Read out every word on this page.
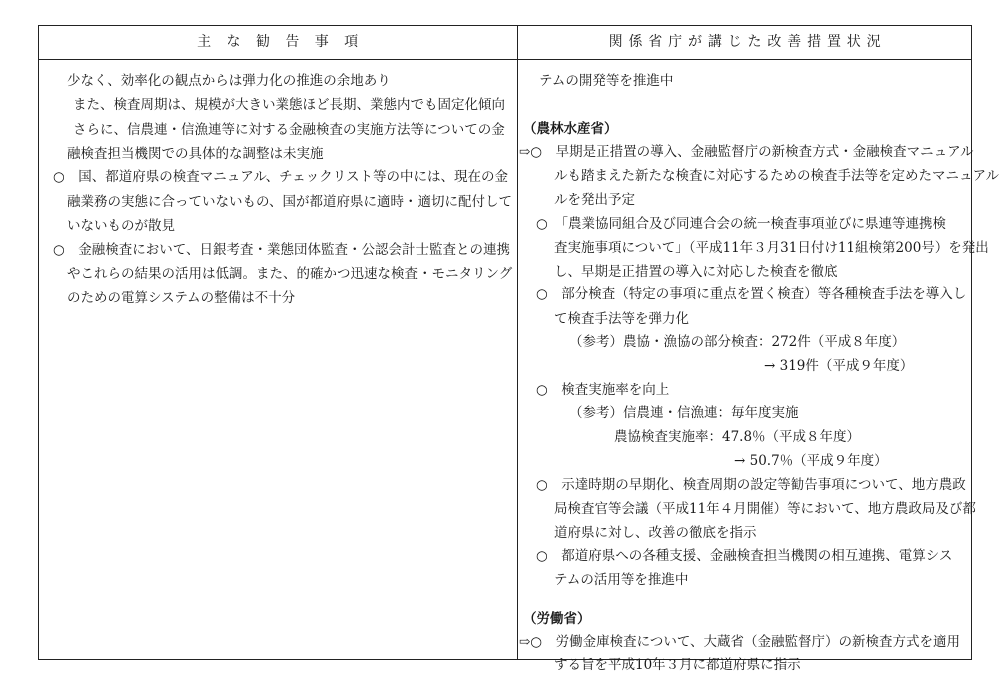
主　な　勧　告　事　項	関 係 省 庁 が 講 じ た 改 善 措 置 状 況
少なく、効率化の観点からは弾力化の推進の余地あり
また、検査周期は、規模が大きい業態ほど長期、業態内でも固定化傾向
さらに、信農連・信漁連等に対する金融検査の実施方法等についての金
融検査担当機関での具体的な調整は未実施
○　国、都道府県の検査マニュアル、チェックリスト等の中には、現在の金
融業務の実態に合っていないもの、国が都道府県に適時・適切に配付して
いないものが散見
○　金融検査において、日銀考査・業態団体監査・公認会計士監査との連携
やこれらの結果の活用は低調。また、的確かつ迅速な検査・モニタリング
のための電算システムの整備は不十分
テムの開発等を推進中
（農林水産省）
⇨○　早期是正措置の導入、金融監督庁の新検査方式・金融検査マニュアル
ルも踏まえた新たな検査に対応するための検査手法等を定めたマニュアル
ルを発出予定
○　「農業協同組合及び同連合会の統一検査事項並びに県連等連携検
査実施事項について」（平成11年３月31日付け11組検第200号）を発出
し、早期是正措置の導入に対応した検査を徹底
○　部分検査（特定の事項に重点を置く検査）等各種検査手法を導入し
て検査手法等を弾力化
（参考）農協・漁協の部分検査：272件（平成８年度）
→ 319件（平成９年度）
○　検査実施率を向上
（参考）信農連・信漁連：毎年度実施
農協検査実施率：47.8％（平成８年度）
→ 50.7％（平成９年度）
○　示達時期の早期化、検査周期の設定等勧告事項について、地方農政
局検査官等会議（平成11年４月開催）等において、地方農政局及び都
道府県に対し、改善の徹底を指示
○　都道府県への各種支援、金融検査担当機関の相互連携、電算シス
テムの活用等を推進中
（労働省）
⇨○　労働金庫検査について、大蔵省（金融監督庁）の新検査方式を適用
する旨を平成10年３月に都道府県に指示
